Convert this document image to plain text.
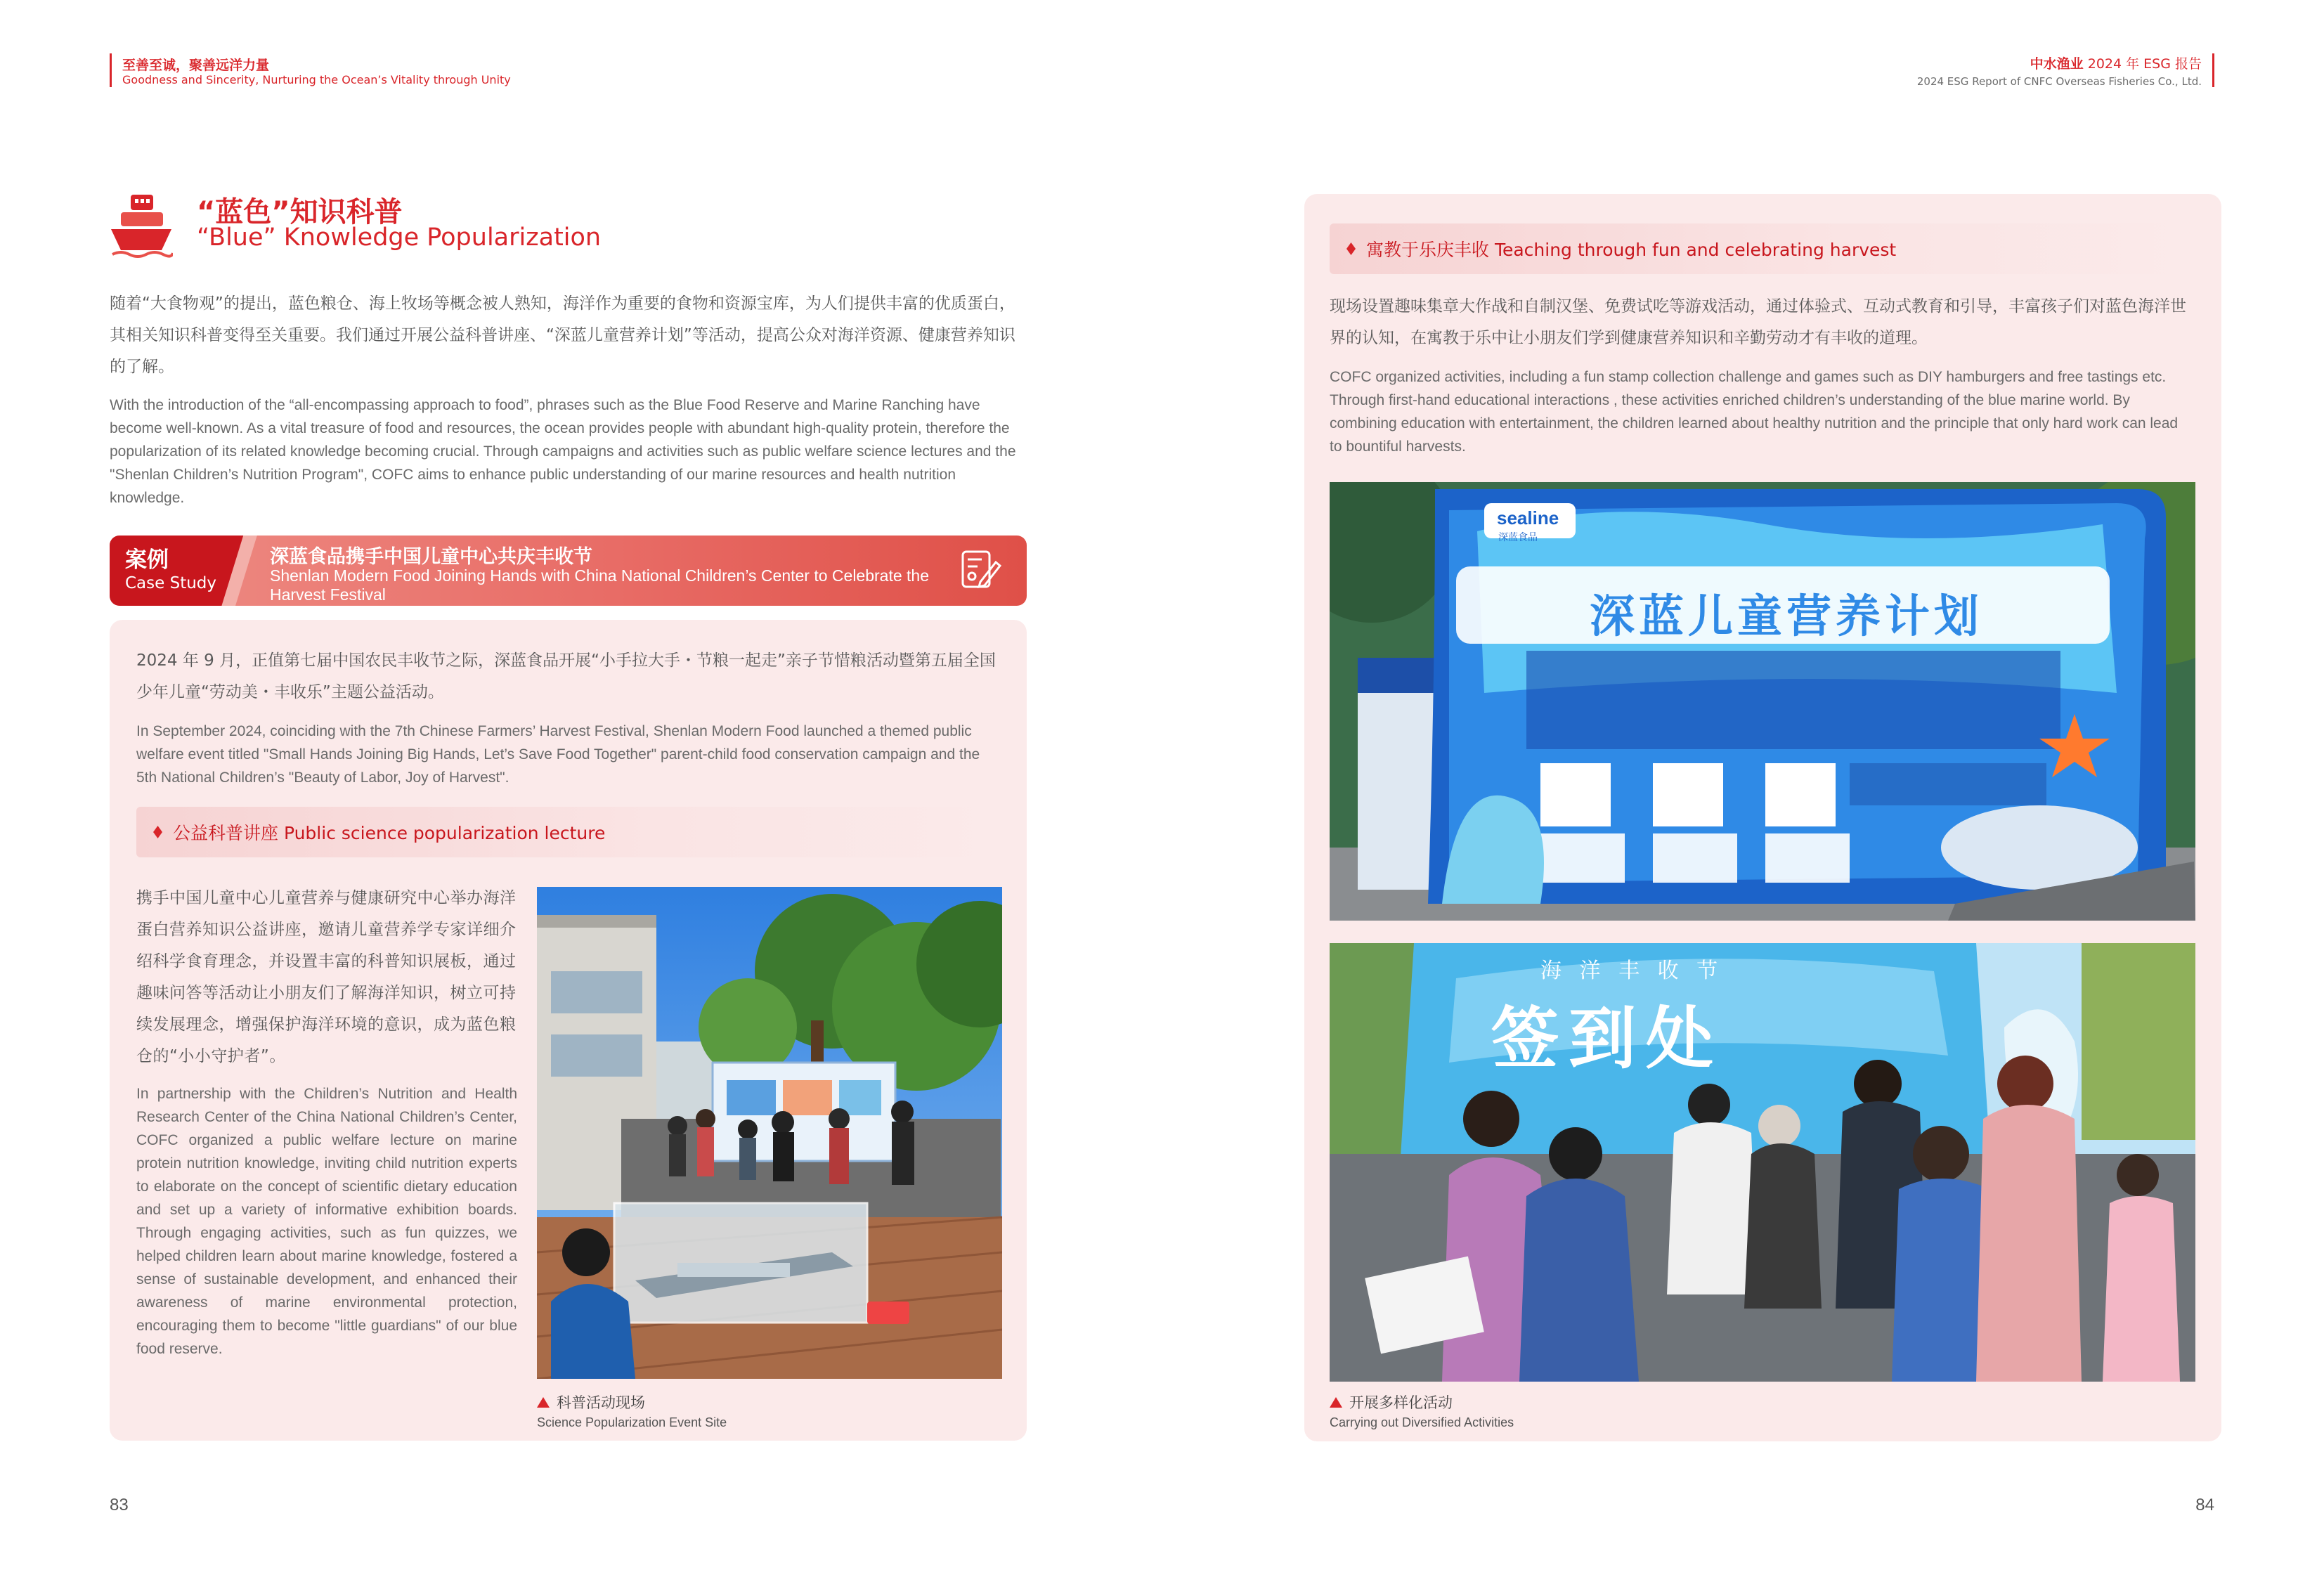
至善至诚，聚善远洋力量
Goodness and Sincerity, Nurturing the Ocean’s Vitality through Unity
中水渔业 2024 年 ESG 报告
2024 ESG Report of CNFC Overseas Fisheries Co., Ltd.
“蓝色”知识科普
“Blue” Knowledge Popularization

随着“大食物观”的提出，蓝色粮仓、海上牧场等概念被人熟知，海洋作为重要的食物和资源宝库，为人们提供丰富的优质蛋白，其相关知识科普变得至关重要。我们通过开展公益科普讲座、“深蓝儿童营养计划”等活动，提高公众对海洋资源、健康营养知识的了解。

With the introduction of the “all-encompassing approach to food”, phrases such as the Blue Food Reserve and Marine Ranching have become well-known. As a vital treasure of food and resources, the ocean provides people with abundant high-quality protein, therefore the popularization of its related knowledge becoming crucial. Through campaigns and activities such as public welfare science lectures and the "Shenlan Children’s Nutrition Program", COFC aims to enhance public understanding of our marine resources and health nutrition knowledge.

案例
Case Study
深蓝食品携手中国儿童中心共庆丰收节
Shenlan Modern Food Joining Hands with China National Children’s Center to Celebrate the Harvest Festival

2024 年 9 月，正值第七届中国农民丰收节之际，深蓝食品开展“小手拉大手・节粮一起走”亲子节惜粮活动暨第五届全国少年儿童“劳动美・丰收乐”主题公益活动。

In September 2024, coinciding with the 7th Chinese Farmers’ Harvest Festival, Shenlan Modern Food launched a themed public welfare event titled "Small Hands Joining Big Hands, Let’s Save Food Together" parent-child food conservation campaign and the 5th National Children’s "Beauty of Labor, Joy of Harvest".

公益科普讲座 Public science popularization lecture

携手中国儿童中心儿童营养与健康研究中心举办海洋蛋白营养知识公益讲座，邀请儿童营养学专家详细介绍科学食育理念，并设置丰富的科普知识展板，通过趣味问答等活动让小朋友们了解海洋知识，树立可持续发展理念，增强保护海洋环境的意识，成为蓝色粮仓的“小小守护者”。

In partnership with the Children’s Nutrition and Health Research Center of the China National Children’s Center, COFC organized a public welfare lecture on marine protein nutrition knowledge, inviting child nutrition experts to elaborate on the concept of scientific dietary education and set up a variety of informative exhibition boards. Through engaging activities, such as fun quizzes, we helped children learn about marine knowledge, fostered a sense of sustainable development, and enhanced their awareness of marine environmental protection, encouraging them to become "little guardians" of our blue food reserve.

科普活动现场
Science Popularization Event Site
83
寓教于乐庆丰收 Teaching through fun and celebrating harvest

现场设置趣味集章大作战和自制汉堡、免费试吃等游戏活动，通过体验式、互动式教育和引导，丰富孩子们对蓝色海洋世界的认知，在寓教于乐中让小朋友们学到健康营养知识和辛勤劳动才有丰收的道理。

COFC organized activities, including a fun stamp collection challenge and games such as DIY hamburgers and free tastings etc. Through first-hand educational interactions , these activities enriched children’s understanding of the blue marine world. By combining education with entertainment, the children learned about healthy nutrition and the principle that only hard work can lead to bountiful harvests.

sealine
深蓝食品
深蓝儿童营养计划
海 洋 丰 收 节
签到处
开展多样化活动
Carrying out Diversified Activities
84
